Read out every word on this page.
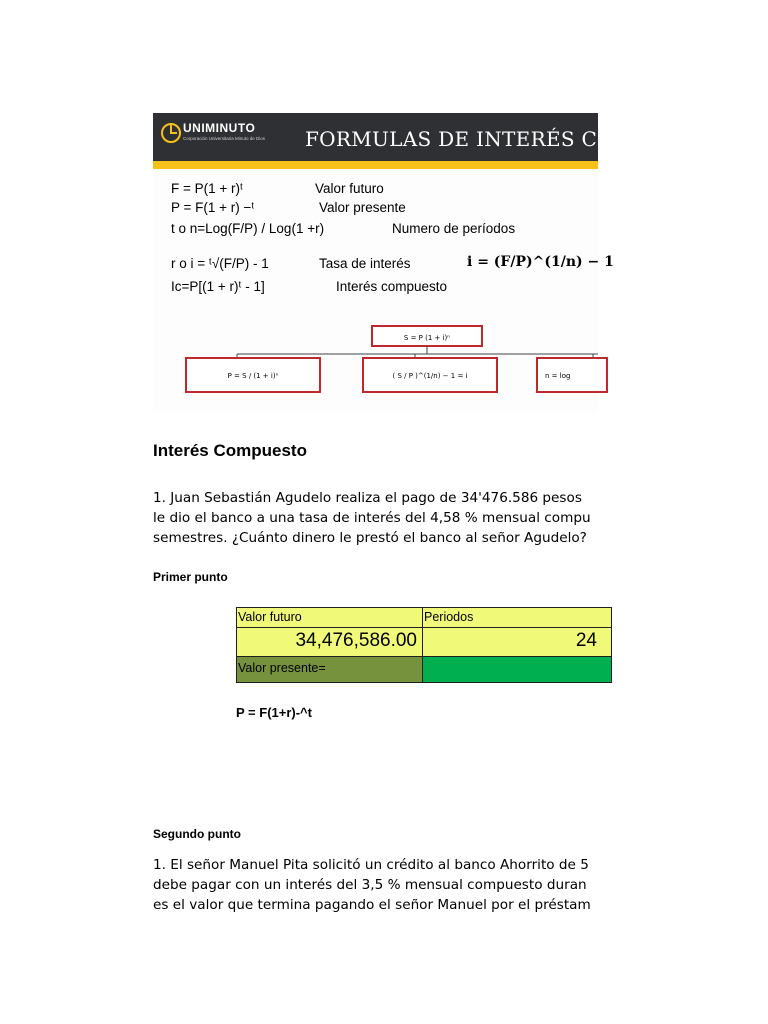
UNIMINUTO
Corporación Universitaria Minuto de Dios	FORMULAS DE INTERÉS COMPUESTO
F = P(1 + r)ᵗ	Valor futuro
P = F(1 + r) −ᵗ	Valor presente
t o n=Log(F/P) / Log(1 +r)	Numero de períodos
r o i = ᵗ√(F/P) - 1	Tasa de interés	i = (F/P)^(1/n) − 1
Ic=P[(1 + r)ᵗ - 1]	Interés compuesto
S = P (1 + i)ⁿ
P = S / (1 + i)ⁿ	( S / P )^(1/n) − 1 = i	n = log
1. Juan Sebastián Agudelo realiza el pago de 34'476.586 pesos
le dio el banco a una tasa de interés del 4,58 % mensual compu
semestres. ¿Cuánto dinero le prestó el banco al señor Agudelo?
1. El señor Manuel Pita solicitó un crédito al banco Ahorrito de 5
debe pagar con un interés del 3,5 % mensual compuesto duran
es el valor que termina pagando el señor Manuel por el préstam
Interés Compuesto
Primer punto
Valor futuro	Periodos
34,476,586.00	24
Valor presente=
P = F(1+r)-^t
Segundo punto
